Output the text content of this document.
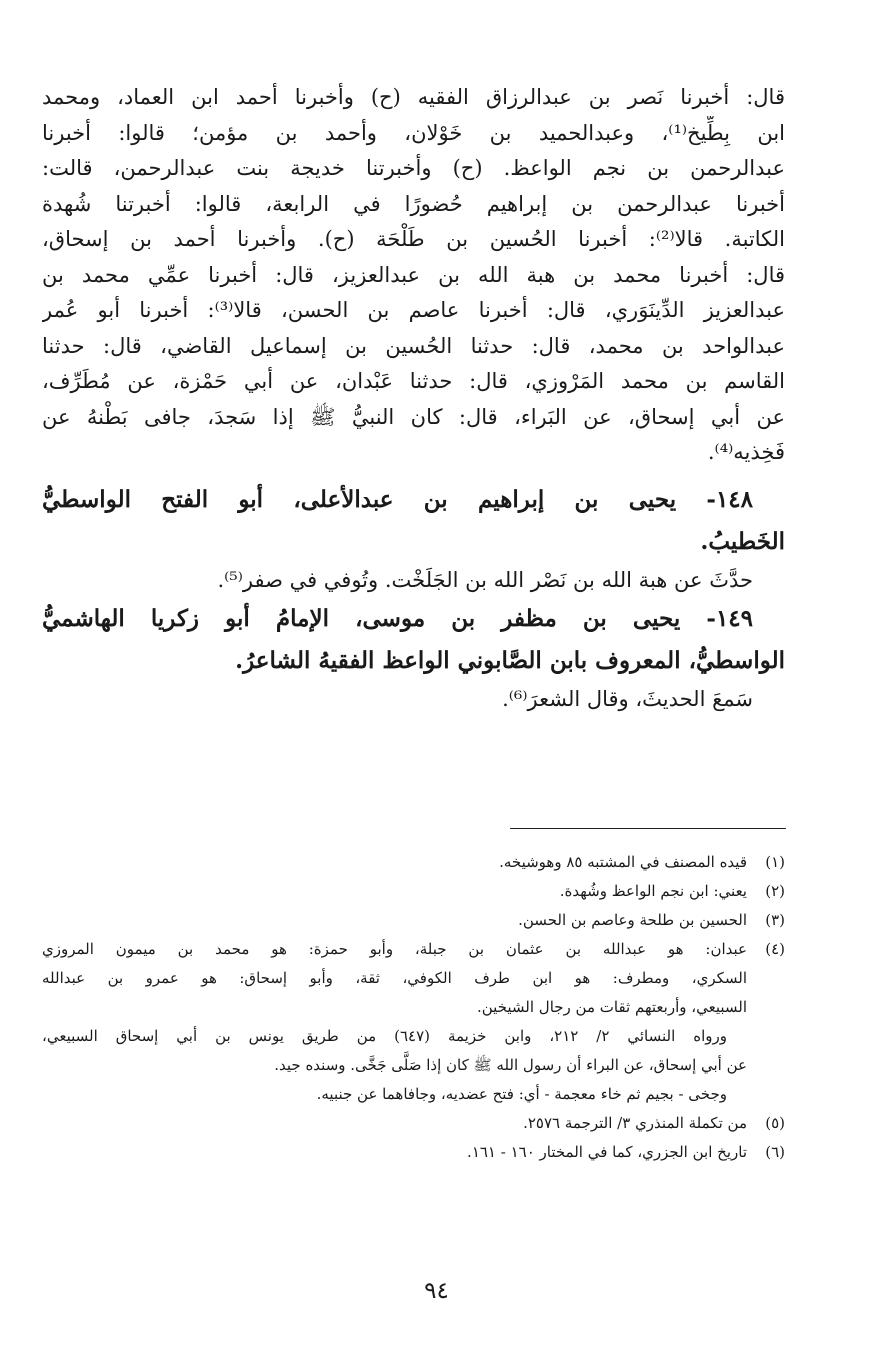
قال: أخبرنا نَصر بن عبدالرزاق الفقيه (ح) وأخبرنا أحمد ابن العماد، ومحمد
ابن بِطِّيخ⁽¹⁾، وعبدالحميد بن خَوْلان، وأحمد بن مؤمن؛ قالوا: أخبرنا
عبدالرحمن بن نجم الواعظ. (ح) وأخبرتنا خديجة بنت عبدالرحمن، قالت:
أخبرنا عبدالرحمن بن إبراهيم حُضورًا في الرابعة، قالوا: أخبرتنا شُهدة
الكاتبة. قالا⁽²⁾: أخبرنا الحُسين بن طَلْحَة (ح). وأخبرنا أحمد بن إسحاق،
قال: أخبرنا محمد بن هبة الله بن عبدالعزيز، قال: أخبرنا عمِّي محمد بن
عبدالعزيز الدِّينَوَري، قال: أخبرنا عاصم بن الحسن، قالا⁽³⁾: أخبرنا أبو عُمر
عبدالواحد بن محمد، قال: حدثنا الحُسين بن إسماعيل القاضي، قال: حدثنا
القاسم بن محمد المَرْوزي، قال: حدثنا عَبْدان، عن أبي حَمْزة، عن مُطَرِّف،
عن أبي إسحاق، عن البَراء، قال: كان النبيُّ ﷺ إذا سَجدَ، جافى بَطْنهُ عن
فَخِذيه⁽⁴⁾.
١٤٨- يحيى بن إبراهيم بن عبدالأعلى، أبو الفتح الواسطيُّ
الخَطيبُ.
حدَّثَ عن هبة الله بن نَصْر الله بن الجَلَخْت. وتُوفي في صفر⁽⁵⁾.
١٤٩- يحيى بن مظفر بن موسى، الإمامُ أبو زكريا الهاشميُّ
الواسطيُّ، المعروف بابن الصَّابوني الواعظ الفقيهُ الشاعرُ.
سَمعَ الحديثَ، وقال الشعرَ⁽⁶⁾.
(١)
قيده المصنف في المشتبه ٨٥ وهوشيخه.
(٢)
يعني: ابن نجم الواعظ وشُهدة.
(٣)
الحسين بن طلحة وعاصم بن الحسن.
(٤)
عبدان: هو عبدالله بن عثمان بن جبلة، وأبو حمزة: هو محمد بن ميمون المروزي
السكري، ومطرف: هو ابن طرف الكوفي، ثقة، وأبو إسحاق: هو عمرو بن عبدالله
السبيعي، وأربعتهم ثقات من رجال الشيخين.
ورواه النسائي ٢/ ٢١٢، وابن خزيمة (٦٤٧) من طريق يونس بن أبي إسحاق السبيعي،
عن أبي إسحاق، عن البراء أن رسول الله ﷺ كان إذا صَلَّى جَخَّى. وسنده جيد.
وجخى - بجيم ثم خاء معجمة - أي: فتح عضديه، وجافاهما عن جنبيه.
(٥)
من تكملة المنذري ٣/ الترجمة ٢٥٧٦.
(٦)
تاريخ ابن الجزري، كما في المختار ١٦٠ - ١٦١.
٩٤
